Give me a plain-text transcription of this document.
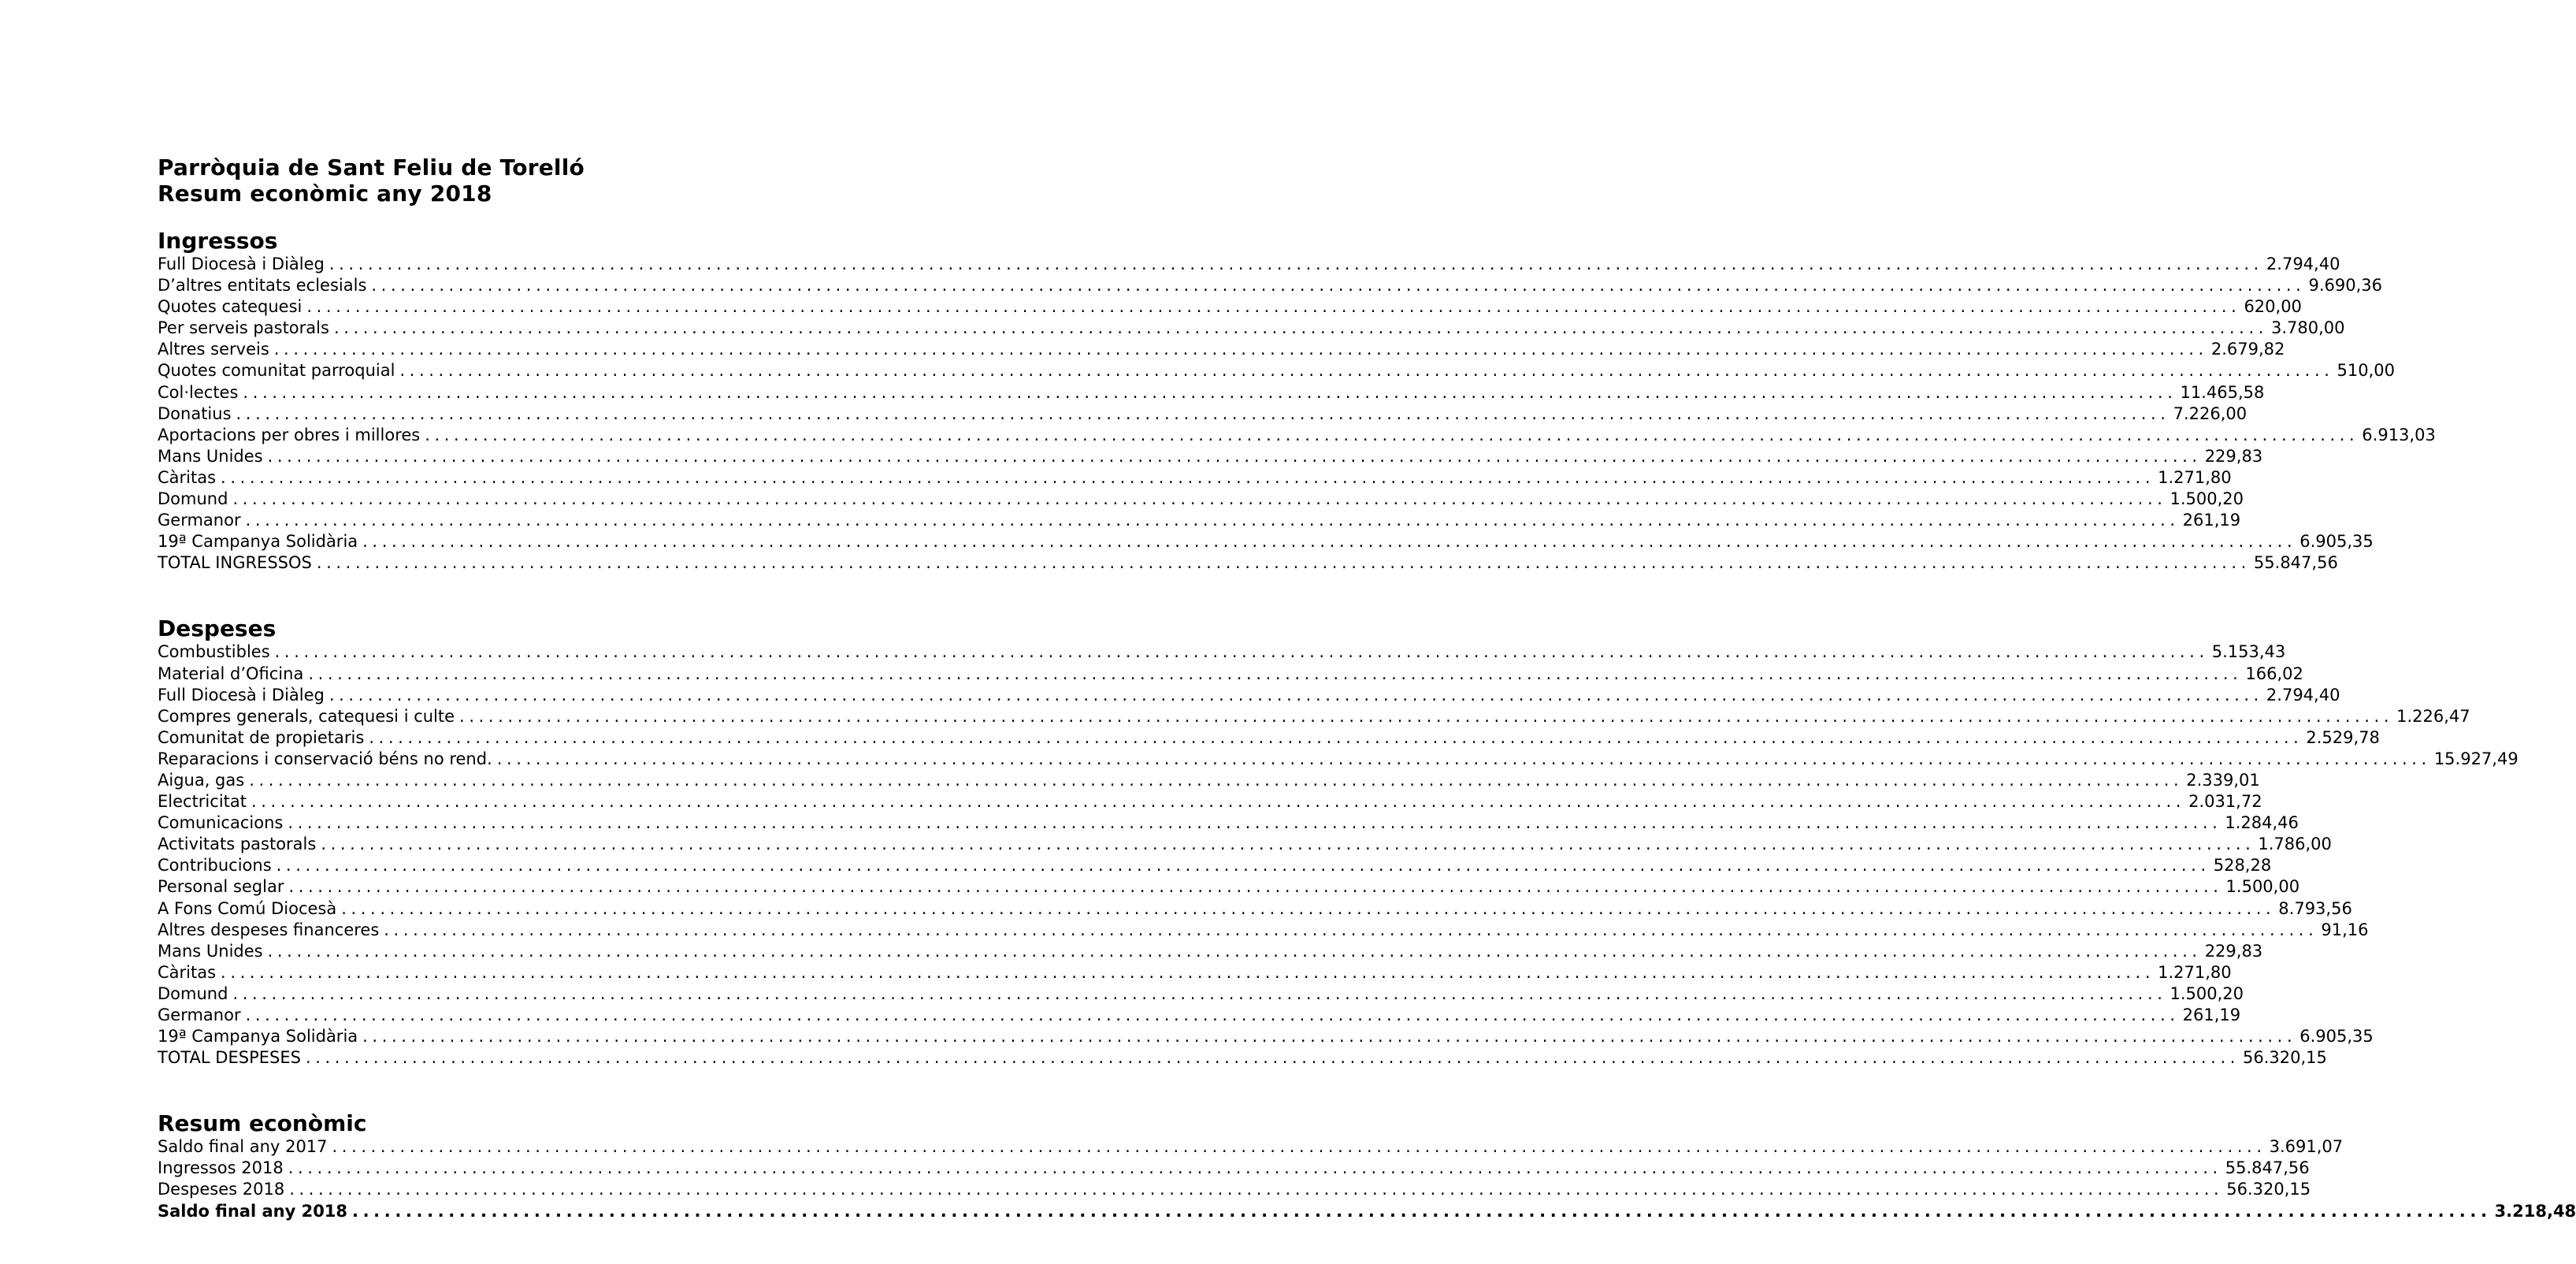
Parròquia de Sant Feliu de Torelló
Resum econòmic any 2018
Ingressos
Full Diocesà i Diàleg ........................................................................................................................................................................................................ 2.794,40
D’altres entitats eclesials ........................................................................................................................................................................................................ 9.690,36
Quotes catequesi ........................................................................................................................................................................................................ 620,00
Per serveis pastorals ........................................................................................................................................................................................................ 3.780,00
Altres serveis ........................................................................................................................................................................................................ 2.679,82
Quotes comunitat parroquial ........................................................................................................................................................................................................ 510,00
Col·lectes ........................................................................................................................................................................................................ 11.465,58
Donatius ........................................................................................................................................................................................................ 7.226,00
Aportacions per obres i millores ........................................................................................................................................................................................................ 6.913,03
Mans Unides ........................................................................................................................................................................................................ 229,83
Càritas ........................................................................................................................................................................................................ 1.271,80
Domund ........................................................................................................................................................................................................ 1.500,20
Germanor ........................................................................................................................................................................................................ 261,19
19ª Campanya Solidària ........................................................................................................................................................................................................ 6.905,35
TOTAL INGRESSOS ........................................................................................................................................................................................................ 55.847,56
Despeses
Combustibles ........................................................................................................................................................................................................ 5.153,43
Material d’Oficina ........................................................................................................................................................................................................ 166,02
Full Diocesà i Diàleg ........................................................................................................................................................................................................ 2.794,40
Compres generals, catequesi i culte ........................................................................................................................................................................................................ 1.226,47
Comunitat de propietaris ........................................................................................................................................................................................................ 2.529,78
Reparacions i conservació béns no rend. ........................................................................................................................................................................................................ 15.927,49
Aigua, gas ........................................................................................................................................................................................................ 2.339,01
Electricitat ........................................................................................................................................................................................................ 2.031,72
Comunicacions ........................................................................................................................................................................................................ 1.284,46
Activitats pastorals ........................................................................................................................................................................................................ 1.786,00
Contribucions ........................................................................................................................................................................................................ 528,28
Personal seglar ........................................................................................................................................................................................................ 1.500,00
A Fons Comú Diocesà ........................................................................................................................................................................................................ 8.793,56
Altres despeses financeres ........................................................................................................................................................................................................ 91,16
Mans Unides ........................................................................................................................................................................................................ 229,83
Càritas ........................................................................................................................................................................................................ 1.271,80
Domund ........................................................................................................................................................................................................ 1.500,20
Germanor ........................................................................................................................................................................................................ 261,19
19ª Campanya Solidària ........................................................................................................................................................................................................ 6.905,35
TOTAL DESPESES ........................................................................................................................................................................................................ 56.320,15
Resum econòmic
Saldo final any 2017 ........................................................................................................................................................................................................ 3.691,07
Ingressos 2018 ........................................................................................................................................................................................................ 55.847,56
Despeses 2018 ........................................................................................................................................................................................................ 56.320,15
Saldo final any 2018 ........................................................................................................................................................................................................ 3.218,48
